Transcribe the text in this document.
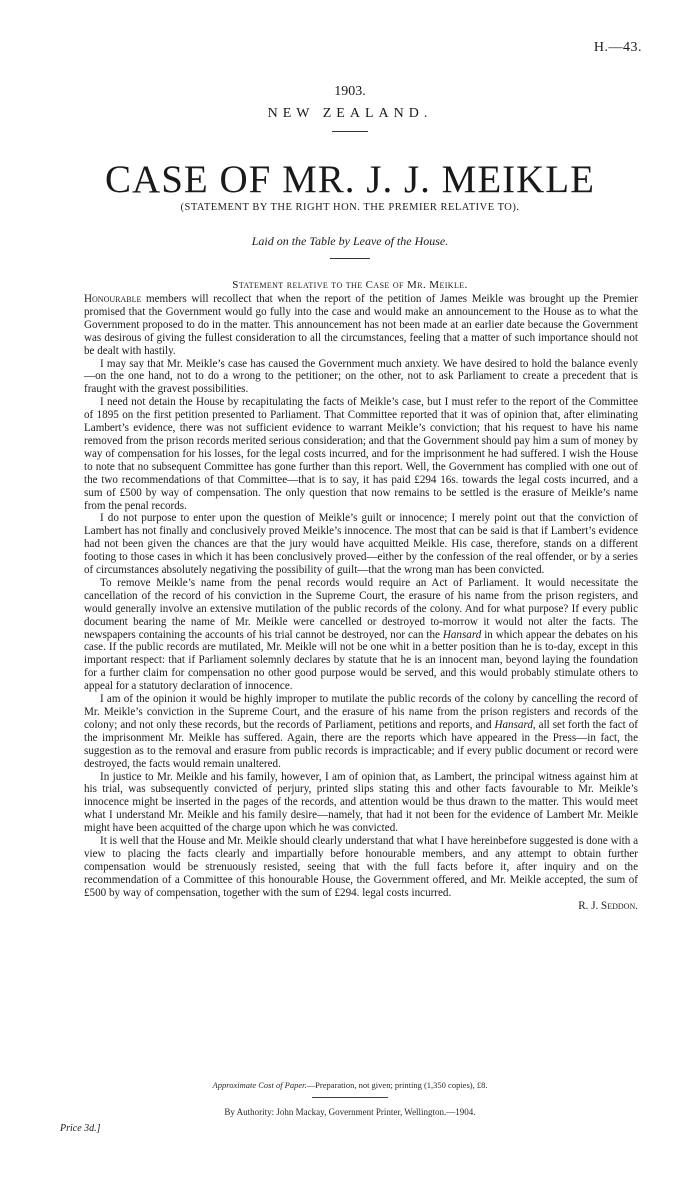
H.—43.
1903.
NEW ZEALAND.
CASE OF MR. J. J. MEIKLE
(STATEMENT BY THE RIGHT HON. THE PREMIER RELATIVE TO).
Laid on the Table by Leave of the House.
Statement relative to the Case of Mr. Meikle.

Honourable members will recollect that when the report of the petition of James Meikle was brought up the Premier promised that the Government would go fully into the case and would make an announcement to the House as to what the Government proposed to do in the matter. This announcement has not been made at an earlier date because the Government was desirous of giving the fullest consideration to all the circumstances, feeling that a matter of such importance should not be dealt with hastily.

I may say that Mr. Meikle’s case has caused the Government much anxiety. We have desired to hold the balance evenly—on the one hand, not to do a wrong to the petitioner; on the other, not to ask Parliament to create a precedent that is fraught with the gravest possibilities.

I need not detain the House by recapitulating the facts of Meikle’s case, but I must refer to the report of the Committee of 1895 on the first petition presented to Parliament. That Committee reported that it was of opinion that, after eliminating Lambert’s evidence, there was not sufficient evidence to warrant Meikle’s conviction; that his request to have his name removed from the prison records merited serious consideration; and that the Government should pay him a sum of money by way of compensation for his losses, for the legal costs incurred, and for the imprisonment he had suffered. I wish the House to note that no subsequent Committee has gone further than this report. Well, the Government has complied with one out of the two recommendations of that Committee—that is to say, it has paid £294 16s. towards the legal costs incurred, and a sum of £500 by way of compensation. The only question that now remains to be settled is the erasure of Meikle’s name from the penal records.

I do not purpose to enter upon the question of Meikle’s guilt or innocence; I merely point out that the conviction of Lambert has not finally and conclusively proved Meikle’s innocence. The most that can be said is that if Lambert’s evidence had not been given the chances are that the jury would have acquitted Meikle. His case, therefore, stands on a different footing to those cases in which it has been conclusively proved—either by the confession of the real offender, or by a series of circumstances absolutely negativing the possibility of guilt—that the wrong man has been convicted.

To remove Meikle’s name from the penal records would require an Act of Parliament. It would necessitate the cancellation of the record of his conviction in the Supreme Court, the erasure of his name from the prison registers, and would generally involve an extensive mutilation of the public records of the colony. And for what purpose? If every public document bearing the name of Mr. Meikle were cancelled or destroyed to-morrow it would not alter the facts. The newspapers containing the accounts of his trial cannot be destroyed, nor can the Hansard in which appear the debates on his case. If the public records are mutilated, Mr. Meikle will not be one whit in a better position than he is to-day, except in this important respect: that if Parliament solemnly declares by statute that he is an innocent man, beyond laying the foundation for a further claim for compensation no other good purpose would be served, and this would probably stimulate others to appeal for a statutory declaration of innocence.

I am of the opinion it would be highly improper to mutilate the public records of the colony by cancelling the record of Mr. Meikle’s conviction in the Supreme Court, and the erasure of his name from the prison registers and records of the colony; and not only these records, but the records of Parliament, petitions and reports, and Hansard, all set forth the fact of the imprisonment Mr. Meikle has suffered. Again, there are the reports which have appeared in the Press—in fact, the suggestion as to the removal and erasure from public records is impracticable; and if every public document or record were destroyed, the facts would remain unaltered.

In justice to Mr. Meikle and his family, however, I am of opinion that, as Lambert, the principal witness against him at his trial, was subsequently convicted of perjury, printed slips stating this and other facts favourable to Mr. Meikle’s innocence might be inserted in the pages of the records, and attention would be thus drawn to the matter. This would meet what I understand Mr. Meikle and his family desire—namely, that had it not been for the evidence of Lambert Mr. Meikle might have been acquitted of the charge upon which he was convicted.

It is well that the House and Mr. Meikle should clearly understand that what I have hereinbefore suggested is done with a view to placing the facts clearly and impartially before honourable members, and any attempt to obtain further compensation would be strenuously resisted, seeing that with the full facts before it, after inquiry and on the recommendation of a Committee of this honourable House, the Government offered, and Mr. Meikle accepted, the sum of £500 by way of compensation, together with the sum of £294. legal costs incurred.

R. J. Seddon.

Approximate Cost of Paper.—Preparation, not given; printing (1,350 copies), £8.
By Authority: John Mackay, Government Printer, Wellington.—1904.
Price 3d.]
